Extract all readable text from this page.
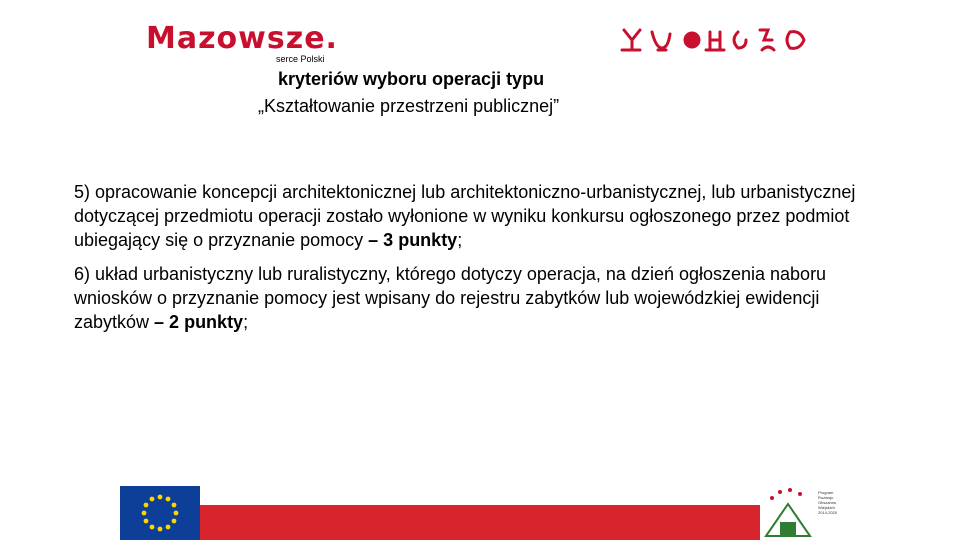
Mazowsze.
serce Polski
kryteriów wyboru operacji typu
„Kształtowanie przestrzeni publicznej”

5) opracowanie koncepcji architektonicznej lub architektoniczno-urbanistycznej, lub urbanistycznej dotyczącej przedmiotu operacji zostało wyłonione w wyniku konkursu ogłoszonego przez podmiot ubiegający się o przyznanie pomocy – 3 punkty;

6) układ urbanistyczny lub ruralistyczny, którego dotyczy operacja, na dzień ogłoszenia naboru wniosków o przyznanie pomocy jest wpisany do rejestru zabytków lub wojewódzkiej ewidencji zabytków – 2 punkty;

Program
Rozwoju
Obszarów
Wiejskich
2014-2020
